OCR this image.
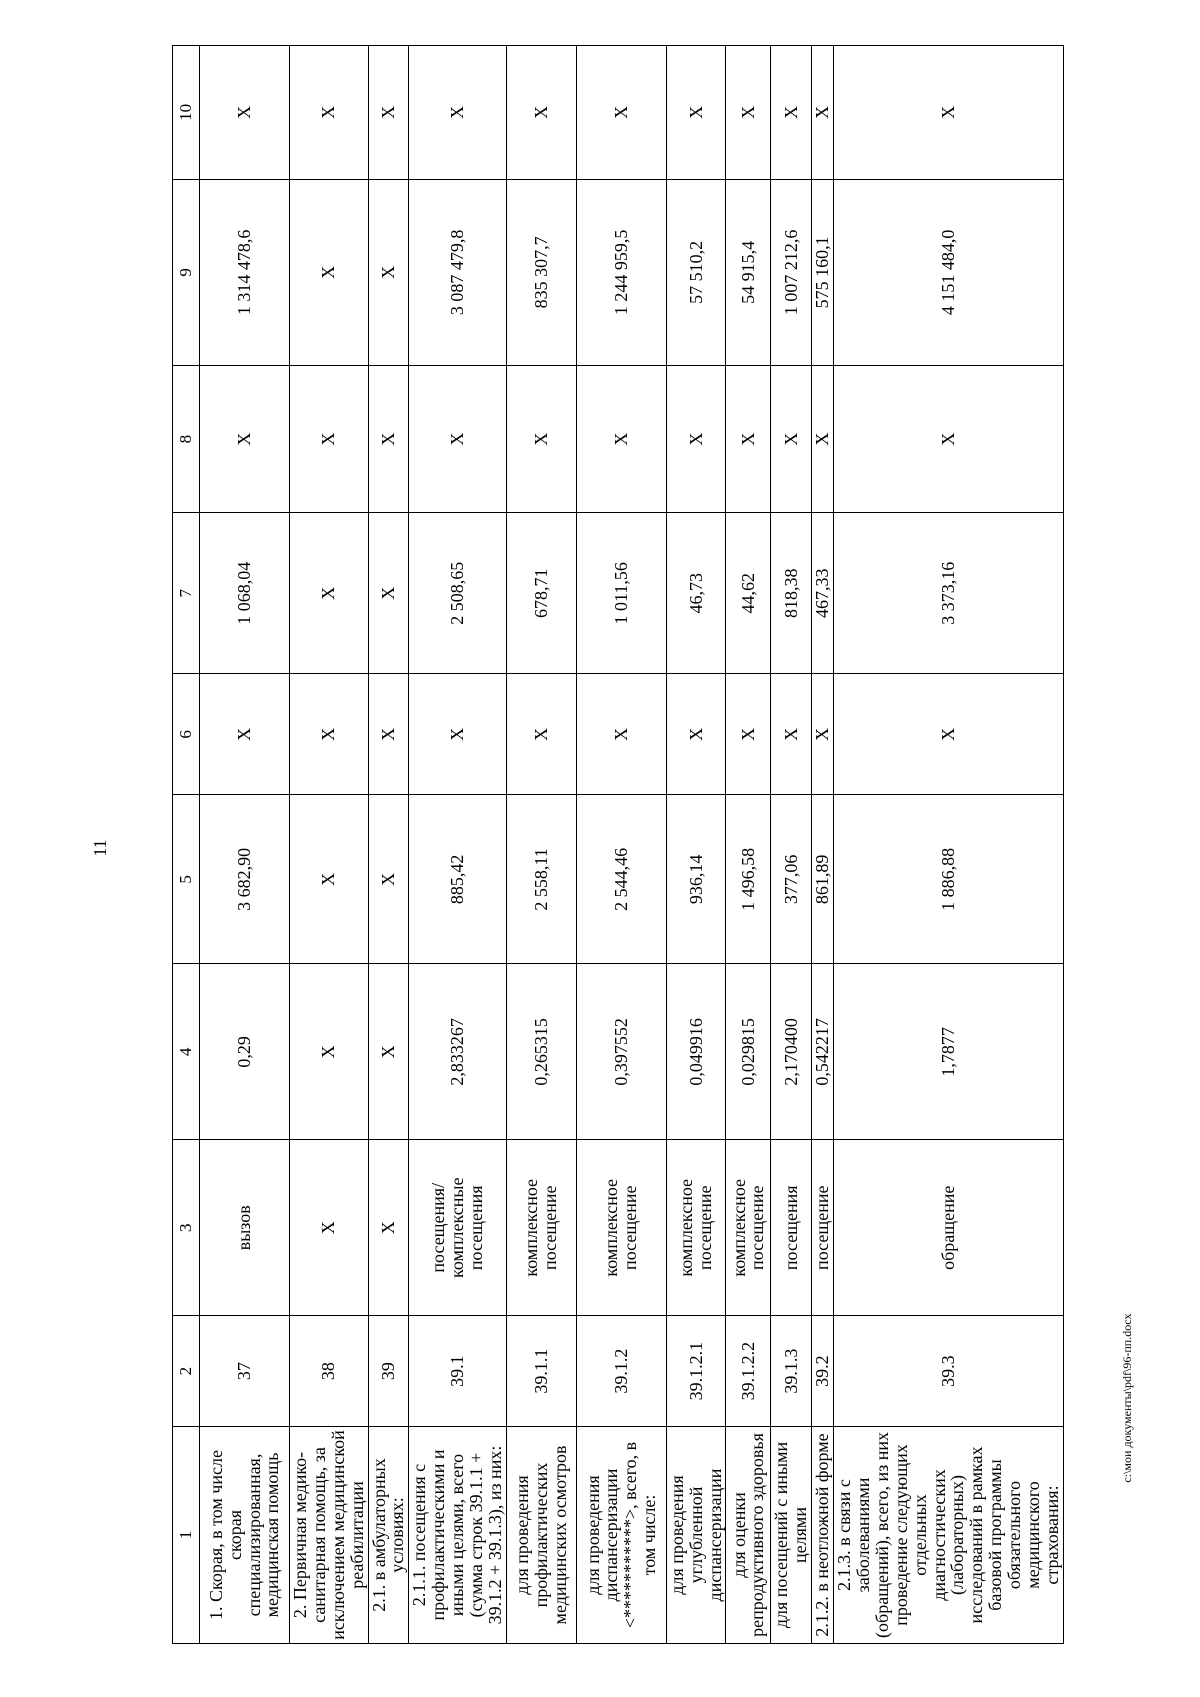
11
1	2	3	4	5	6	7	8	9	10
1. Скорая, в том числе скорая специализированная, медицинская помощь	37	вызов	0,29	3 682,90	X	1 068,04	X	1 314 478,6	X
2. Первичная медико-санитарная помощь, за исключением медицинской реабилитации	38	X	X	X	X	X	X	X	X
2.1. в амбулаторных условиях:	39	X	X	X	X	X	X	X	X
2.1.1. посещения с профилактическими и иными целями, всего (сумма строк 39.1.1 + 39.1.2 + 39.1.3), из них:	39.1	посещения/ комплексные посещения	2,833267	885,42	X	2 508,65	X	3 087 479,8	X
для проведения профилактических медицинских осмотров	39.1.1	комплексное посещение	0,265315	2 558,11	X	678,71	X	835 307,7	X
для проведения диспансеризации <***********>, всего, в том числе:	39.1.2	комплексное посещение	0,397552	2 544,46	X	1 011,56	X	1 244 959,5	X
для проведения углубленной диспансеризации	39.1.2.1	комплексное посещение	0,049916	936,14	X	46,73	X	57 510,2	X
для оценки репродуктивного здоровья	39.1.2.2	комплексное посещение	0,029815	1 496,58	X	44,62	X	54 915,4	X
для посещений с иными целями	39.1.3	посещения	2,170400	377,06	X	818,38	X	1 007 212,6	X
2.1.2. в неотложной форме	39.2	посещение	0,542217	861,89	X	467,33	X	575 160,1	X
2.1.3. в связи с заболеваниями (обращений), всего, из них проведение следующих отдельных диагностических (лабораторных) исследований в рамках базовой программы обязательного медицинского страхования:	39.3	обращение	1,7877	1 886,88	X	3 373,16	X	4 151 484,0	X
c:\мои документы\pdf\96-пп.docx
